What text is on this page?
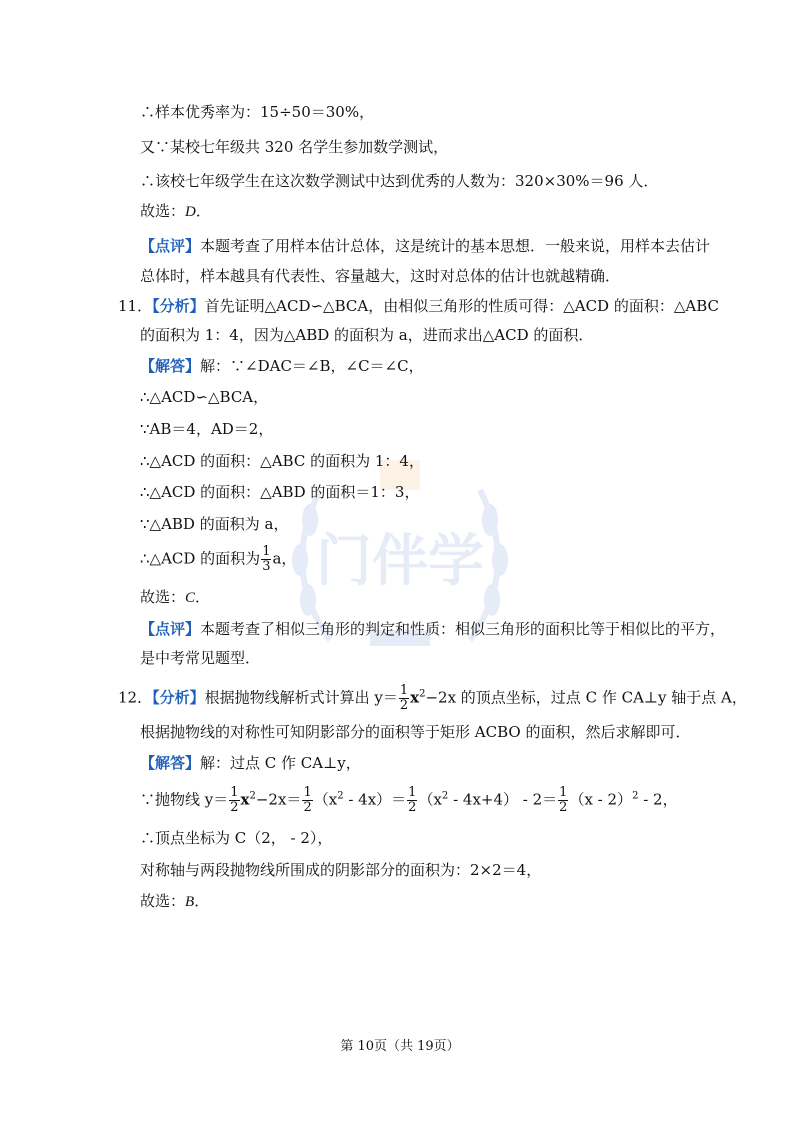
门伴学
∴样本优秀率为：15÷50＝30%，
又∵某校七年级共 320 名学生参加数学测试，
∴该校七年级学生在这次数学测试中达到优秀的人数为：320×30%＝96 人．
故选：D．
【点评】本题考查了用样本估计总体，这是统计的基本思想．一般来说，用样本去估计
总体时，样本越具有代表性、容量越大，这时对总体的估计也就越精确．
11．【分析】首先证明△ACD∽△BCA，由相似三角形的性质可得：△ACD 的面积：△ABC
的面积为 1：4，因为△ABD 的面积为 a，进而求出△ACD 的面积．
【解答】解：∵∠DAC＝∠B，∠C＝∠C，
∴△ACD∽△BCA，
∵AB＝4，AD＝2，
∴△ACD 的面积：△ABC 的面积为 1：4，
∴△ACD 的面积：△ABD 的面积＝1：3，
∵△ABD 的面积为 a，
∴△ACD 的面积为 $\frac{1}{3}$ a，
故选：C．
【点评】本题考查了相似三角形的判定和性质：相似三角形的面积比等于相似比的平方，
是中考常见题型．
12．【分析】根据抛物线解析式计算出 $y= \frac{1}{2} x^2-2x$ 的顶点坐标，过点 C 作 CA⊥y 轴于点 A，
根据抛物线的对称性可知阴影部分的面积等于矩形 ACBO 的面积，然后求解即可．
【解答】解：过点 C 作 CA⊥y，
∵抛物线 $y= \frac{1}{2} x^2-2x= \frac{1}{2} (x^2 - 4x)= \frac{1}{2} (x^2 - 4x+4) - 2= \frac{1}{2} (x - 2)^2 - 2$，
∴顶点坐标为 C（2， - 2），
对称轴与两段抛物线所围成的阴影部分的面积为：2×2＝4，
故选：B．
第 10页（共 19页）
